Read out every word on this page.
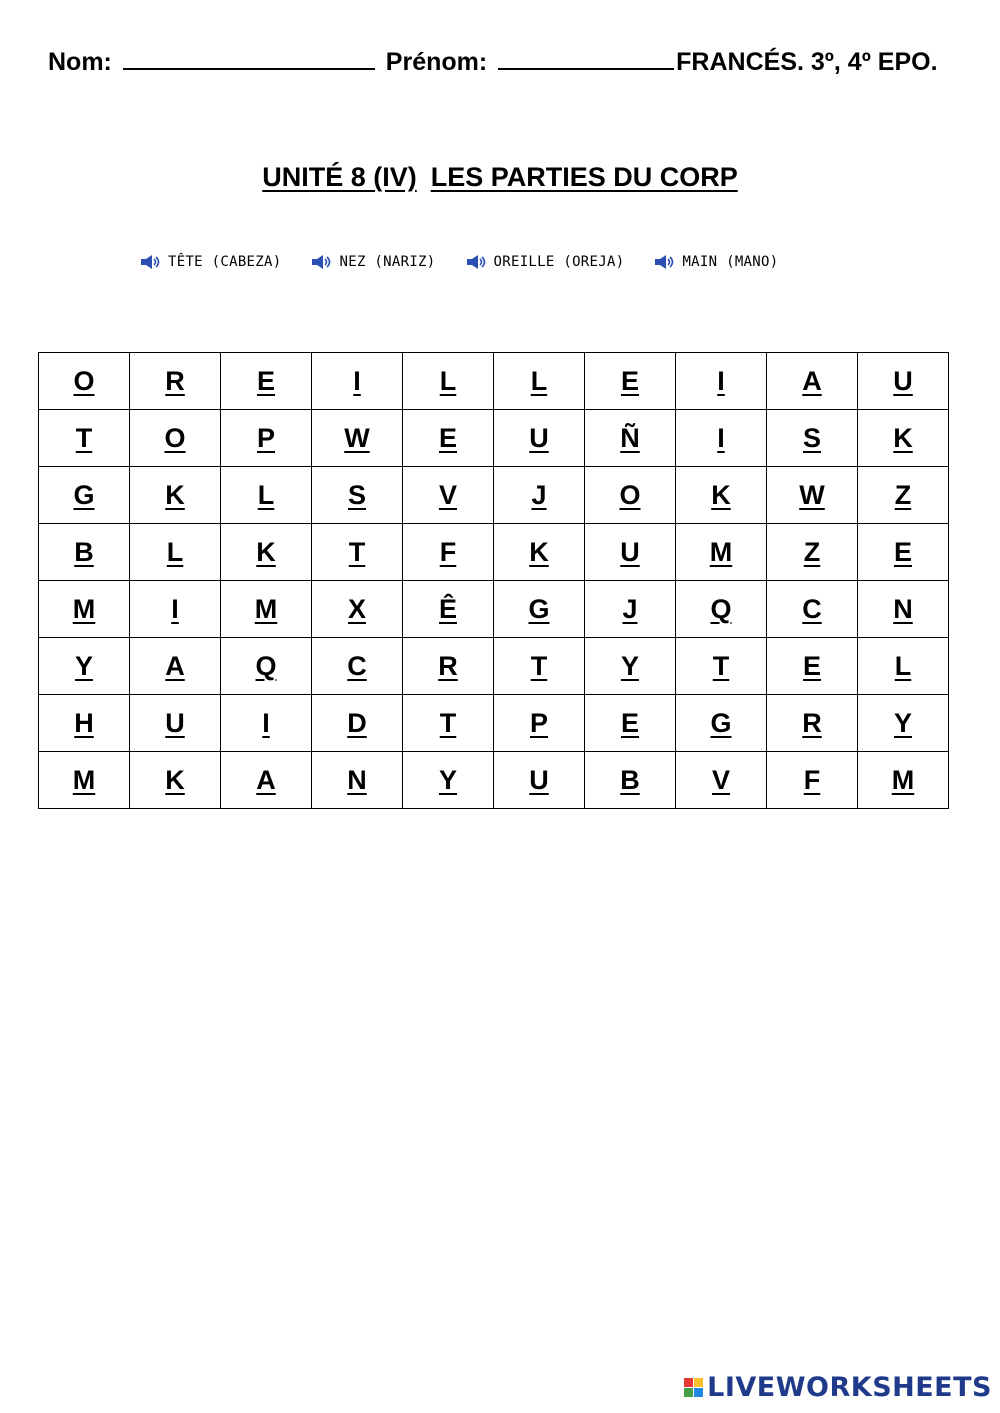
Nom:	Prénom:	FRANCÉS. 3º, 4º EPO.
UNITÉ 8 (IV) LES PARTIES DU CORP
TÊTE (CABEZA)	NEZ (NARIZ)	OREILLE (OREJA)	MAIN (MANO)
O	R	E	I	L	L	E	I	A	U
T	O	P	W	E	U	Ñ	I	S	K
G	K	L	S	V	J	O	K	W	Z
B	L	K	T	F	K	U	M	Z	E
M	I	M	X	Ê	G	J	Q	C	N
Y	A	Q	C	R	T	Y	T	E	L
H	U	I	D	T	P	E	G	R	Y
M	K	A	N	Y	U	B	V	F	M
LIVEWORKSHEETS
